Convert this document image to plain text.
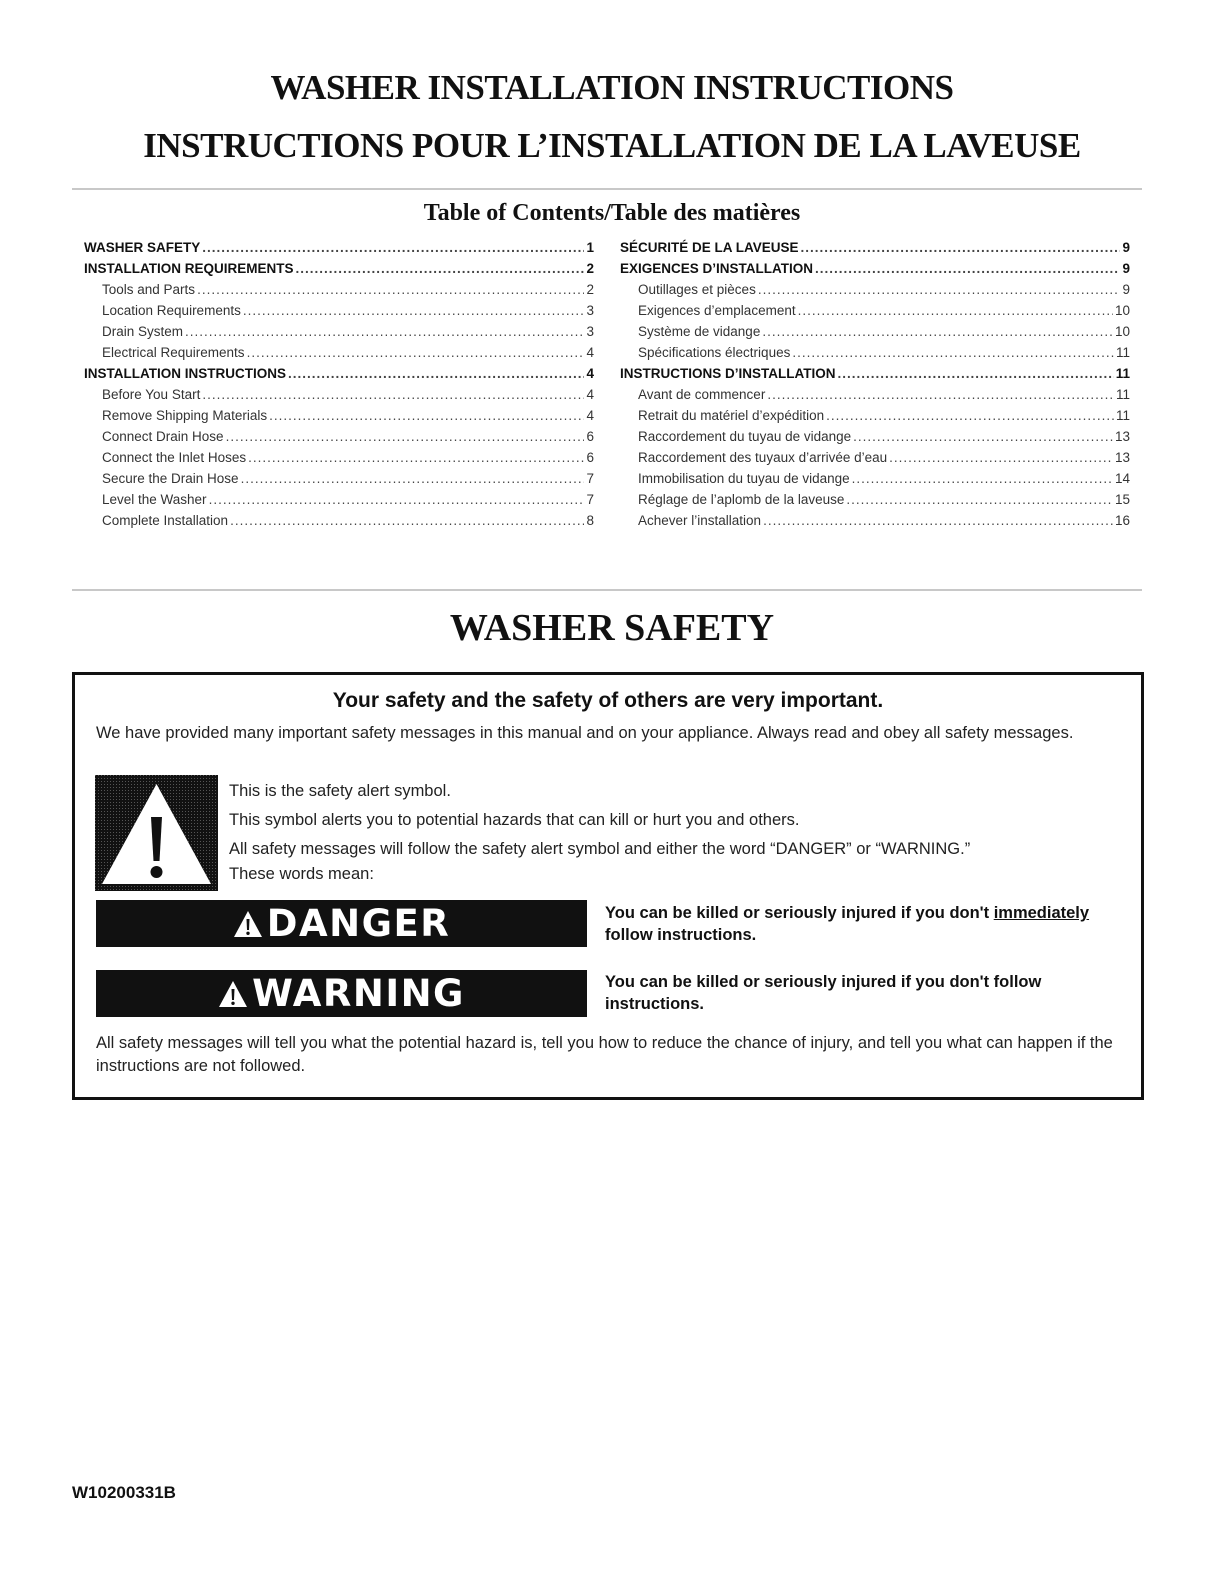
WASHER INSTALLATION INSTRUCTIONS
INSTRUCTIONS POUR L’INSTALLATION DE LA LAVEUSE
Table of Contents/Table des matières
WASHER SAFETY .....	1
INSTALLATION REQUIREMENTS .....	2
Tools and Parts .....	2
Location Requirements .....	3
Drain System .....	3
Electrical Requirements .....	4
INSTALLATION INSTRUCTIONS .....	4
Before You Start .....	4
Remove Shipping Materials .....	4
Connect Drain Hose .....	6
Connect the Inlet Hoses .....	6
Secure the Drain Hose .....	7
Level the Washer .....	7
Complete Installation .....	8
SÉCURITÉ DE LA LAVEUSE .....	9
EXIGENCES D’INSTALLATION .....	9
Outillages et pièces .....	9
Exigences d’emplacement .....	10
Système de vidange .....	10
Spécifications électriques .....	11
INSTRUCTIONS D’INSTALLATION .....	11
Avant de commencer .....	11
Retrait du matériel d’expédition .....	11
Raccordement du tuyau de vidange .....	13
Raccordement des tuyaux d’arrivée d’eau .....	13
Immobilisation du tuyau de vidange .....	14
Réglage de l’aplomb de la laveuse .....	15
Achever l’installation .....	16
WASHER SAFETY
Your safety and the safety of others are very important.

We have provided many important safety messages in this manual and on your appliance. Always read and obey all safety messages.

This is the safety alert symbol.

This symbol alerts you to potential hazards that can kill or hurt you and others.

All safety messages will follow the safety alert symbol and either the word “DANGER” or “WARNING.”

These words mean:

DANGER	You can be killed or seriously injured if you don't immediately follow instructions.

WARNING	You can be killed or seriously injured if you don't follow instructions.

All safety messages will tell you what the potential hazard is, tell you how to reduce the chance of injury, and tell you what can happen if the instructions are not followed.

W10200331B
